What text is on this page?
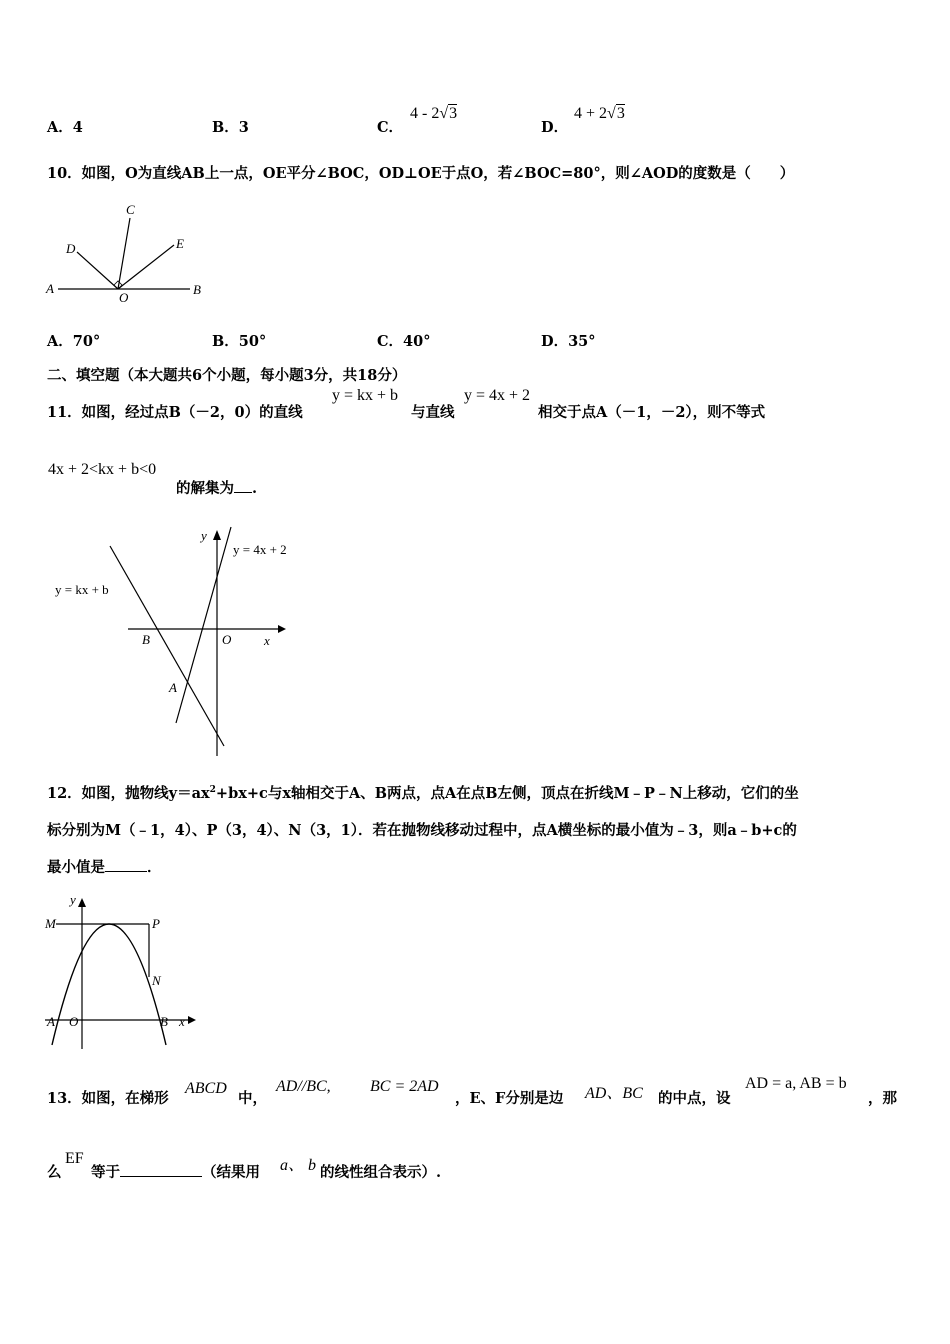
A．4	B．3	C．
4 - 2√3
D．
4 + 2√3
10．如图，O为直线AB上一点，OE平分∠BOC，OD⊥OE于点O，若∠BOC=80°，则∠AOD的度数是（　　）
A	B
C
D	E
O
A．70°	B．50°	C．40°	D．35°
二、填空题（本大题共6个小题，每小题3分，共18分）
11．如图，经过点B（－2，0）的直线
y = kx + b
与直线
y = 4x + 2
相交于点A（－1，－2），则不等式
4x + 2<kx + b<0
的解集为 .
y
x
O
B
A
y = 4x + 2
y = kx + b
12．如图，抛物线$y=ax^2+bx+c$与x轴相交于A、B两点，点A在点B左侧，顶点在折线M﹣P﹣N上移动，它们的坐
标分别为M（﹣1，4）、P（3，4）、N（3，1）．若在抛物线移动过程中，点A横坐标的最小值为﹣3，则a﹣b+c的
最小值是	．
y
M	P
N
A O	B x
13．如图，在梯形
ABCD
中，
AD//BC, BC = 2AD
，E、F分别是边 AD、BC 的中点，设
AD = a, AB = b
，那
么
EF
等于	（结果用 a、 b 的线性组合表示）.
